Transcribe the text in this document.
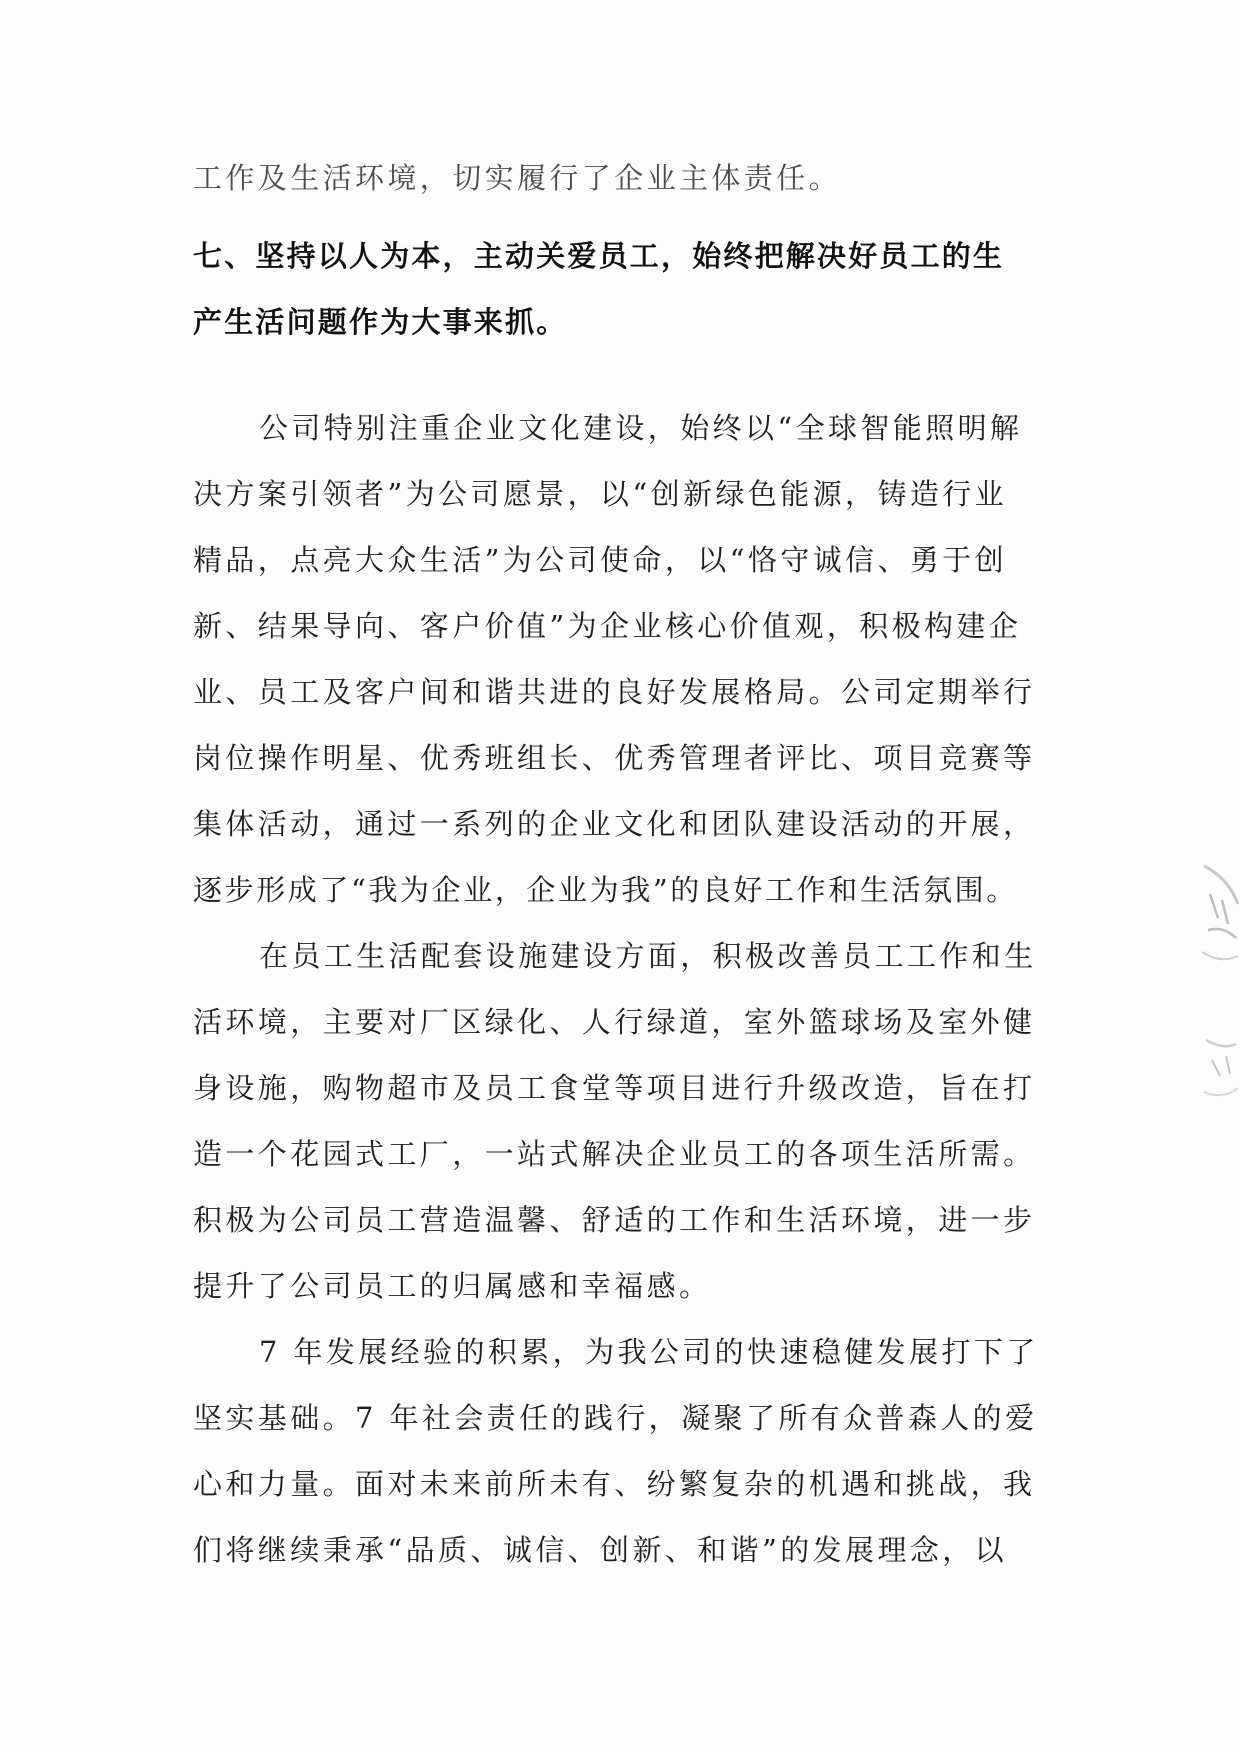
工作及生活环境，切实履行了企业主体责任。
七、坚持以人为本，主动关爱员工，始终把解决好员工的生
产生活问题作为大事来抓。
公司特别注重企业文化建设，始终以“全球智能照明解
决方案引领者”为公司愿景，以“创新绿色能源，铸造行业
精品，点亮大众生活”为公司使命，以“恪守诚信、勇于创
新、结果导向、客户价值”为企业核心价值观，积极构建企
业、员工及客户间和谐共进的良好发展格局。公司定期举行
岗位操作明星、优秀班组长、优秀管理者评比、项目竞赛等
集体活动，通过一系列的企业文化和团队建设活动的开展，
逐步形成了“我为企业，企业为我”的良好工作和生活氛围。
在员工生活配套设施建设方面，积极改善员工工作和生
活环境，主要对厂区绿化、人行绿道，室外篮球场及室外健
身设施，购物超市及员工食堂等项目进行升级改造，旨在打
造一个花园式工厂，一站式解决企业员工的各项生活所需。
积极为公司员工营造温馨、舒适的工作和生活环境，进一步
提升了公司员工的归属感和幸福感。
7 年发展经验的积累，为我公司的快速稳健发展打下了
坚实基础。7 年社会责任的践行，凝聚了所有众普森人的爱
心和力量。面对未来前所未有、纷繁复杂的机遇和挑战，我
们将继续秉承“品质、诚信、创新、和谐”的发展理念，以
